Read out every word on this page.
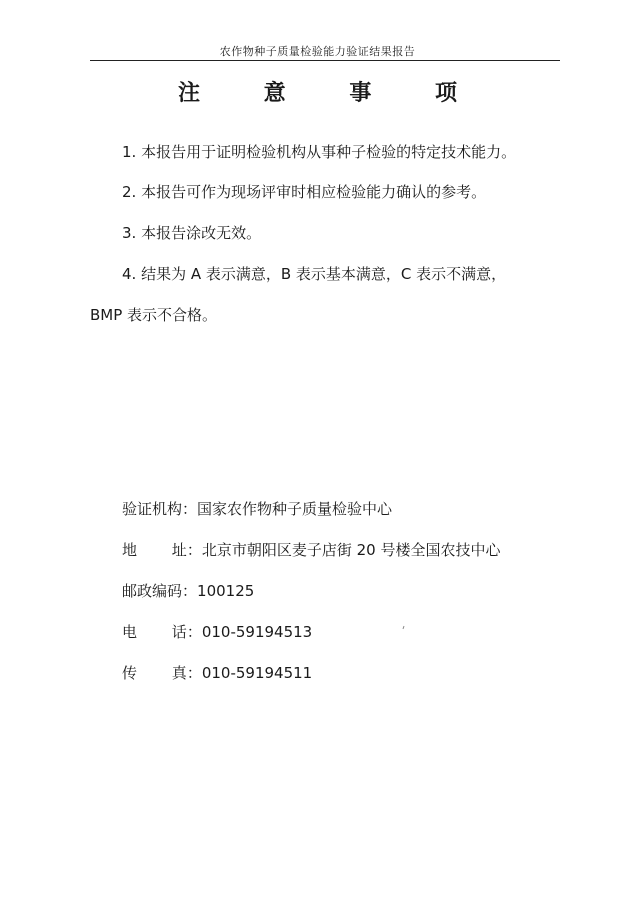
农作物种子质量检验能力验证结果报告
注 意 事 项
1. 本报告用于证明检验机构从事种子检验的特定技术能力。
2. 本报告可作为现场评审时相应检验能力确认的参考。
3. 本报告涂改无效。
4. 结果为 A 表示满意，B 表示基本满意，C 表示不满意，
BMP 表示不合格。
验证机构：国家农作物种子质量检验中心
地 址：北京市朝阳区麦子店街 20 号楼全国农技中心
邮政编码：100125
电 话：010-59194513
传 真：010-59194511
